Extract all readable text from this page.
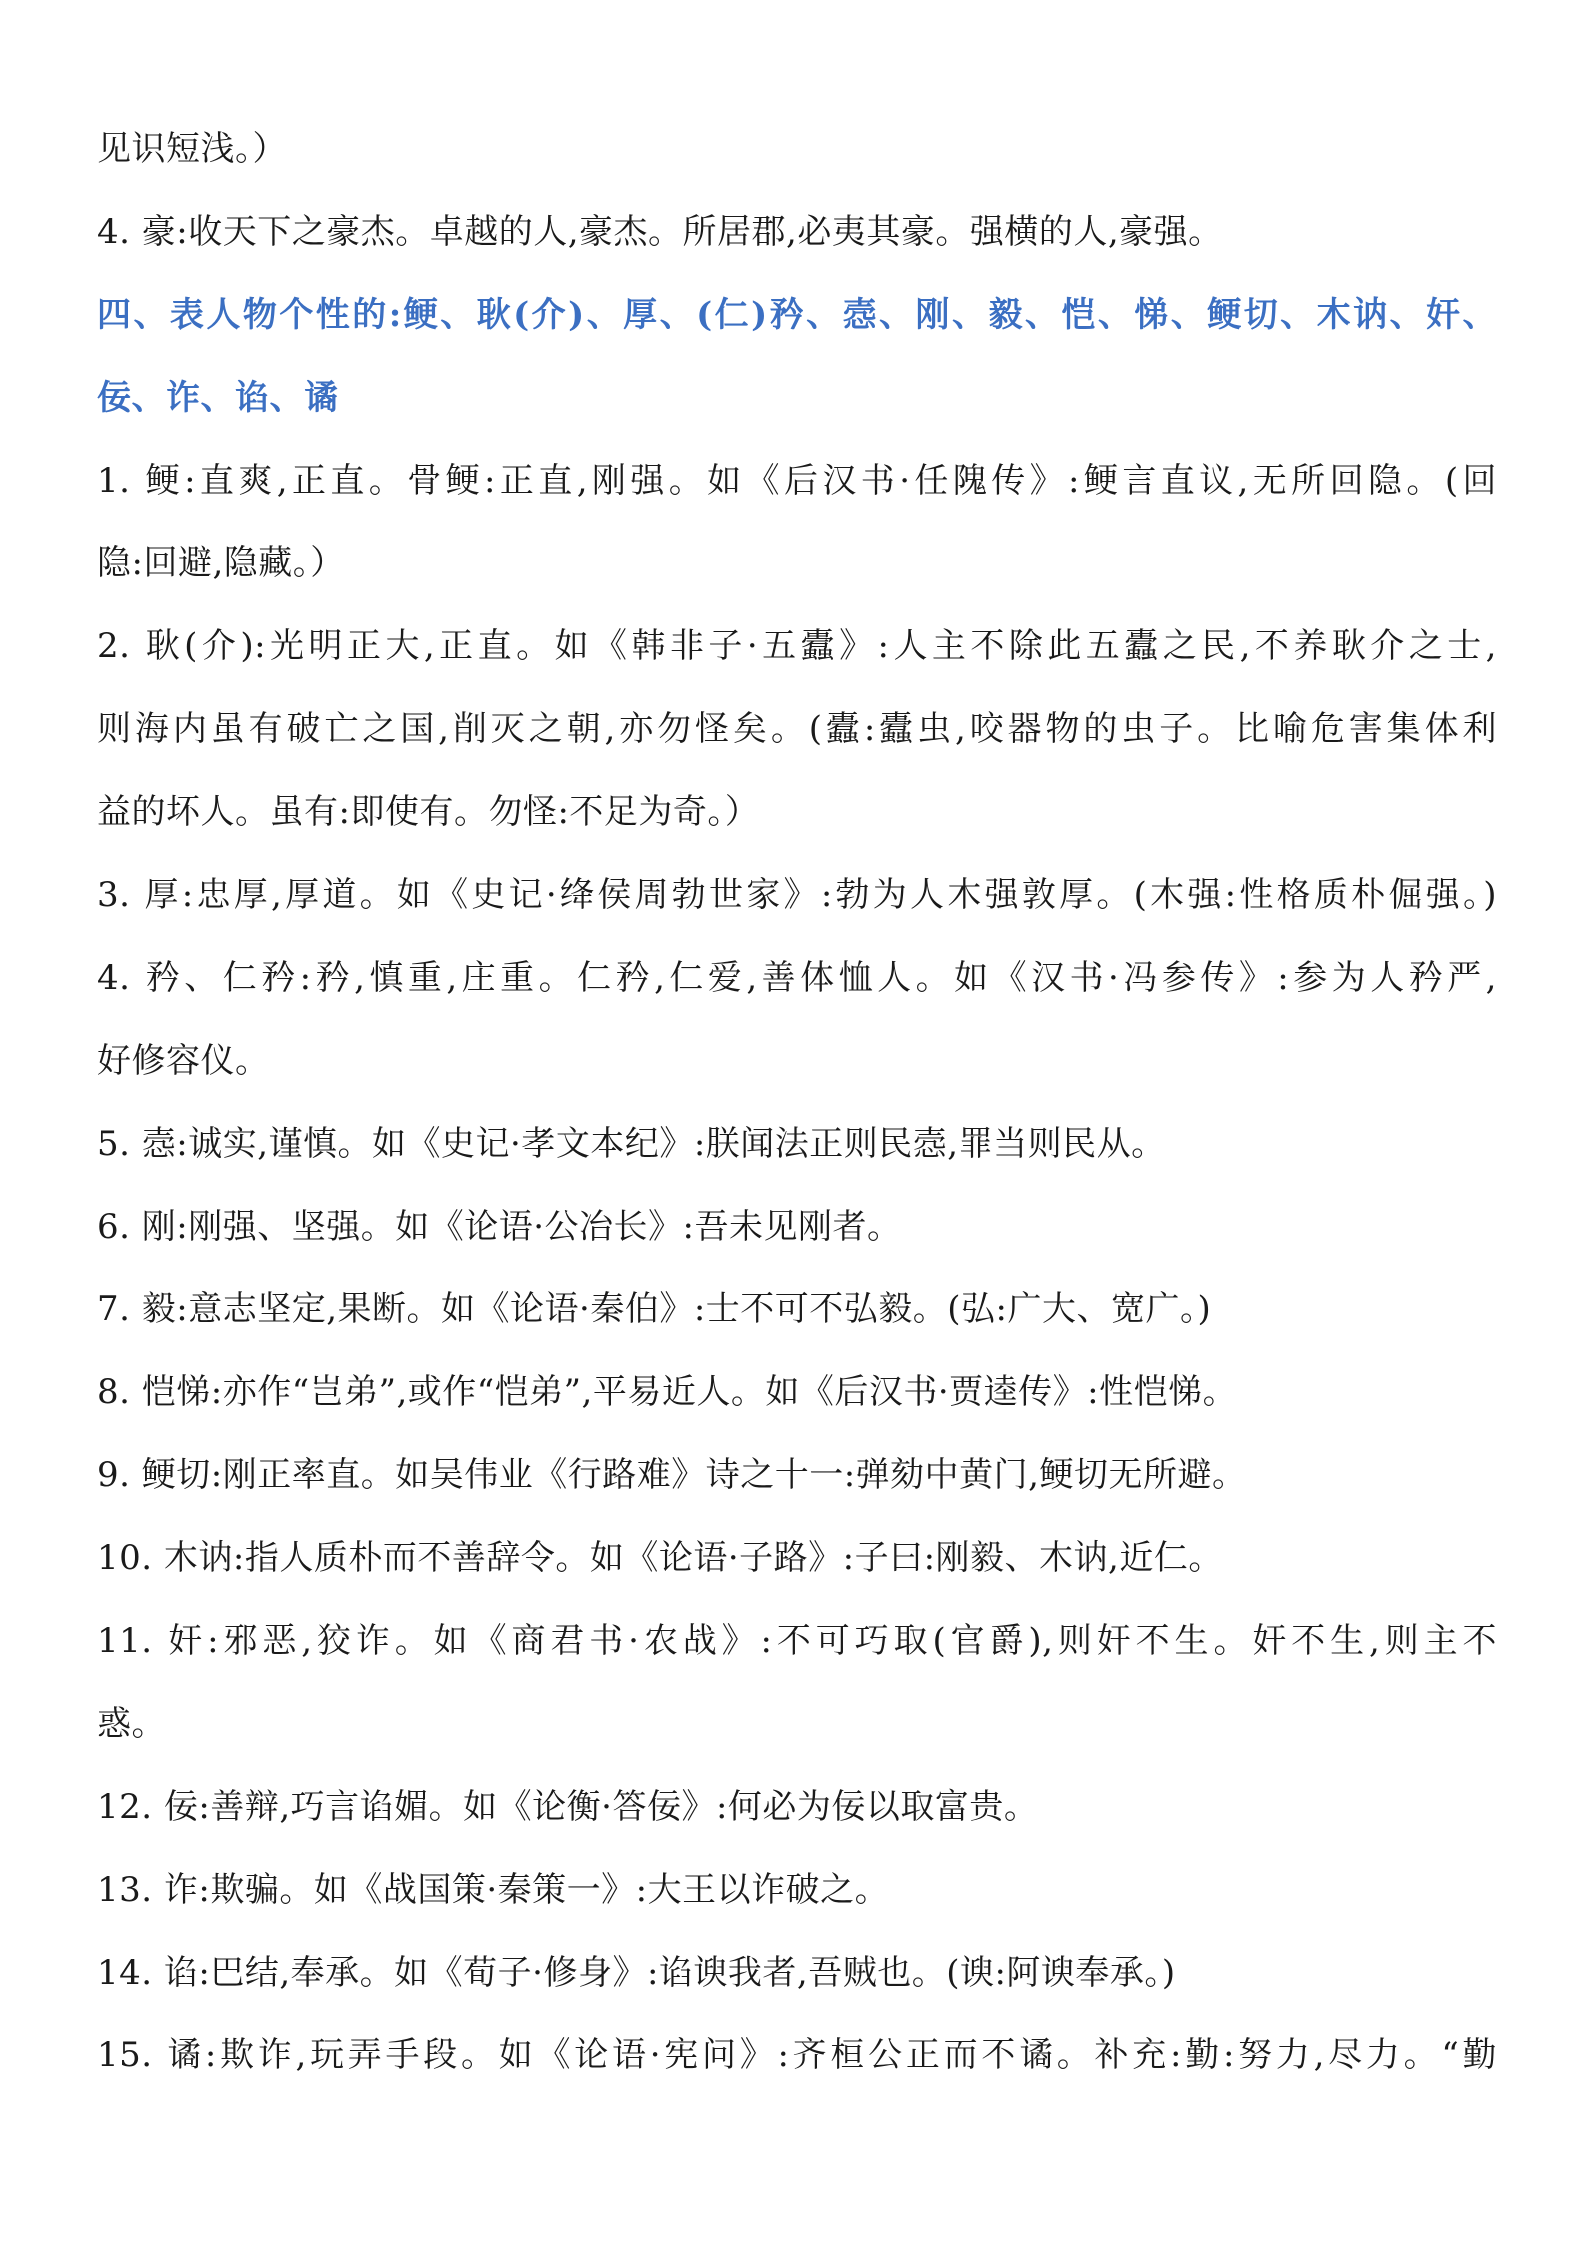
见识短浅。）
4. 豪:收天下之豪杰。卓越的人,豪杰。所居郡,必夷其豪。强横的人,豪强。
四、表人物个性的:鲠、耿(介)、厚、(仁)矜、悫、刚、毅、恺、悌、鲠切、木讷、奸、
佞、诈、谄、谲
1. 鲠:直爽,正直。骨鲠:正直,刚强。如《后汉书·任隗传》:鲠言直议,无所回隐。(回
隐:回避,隐藏。）
2. 耿(介):光明正大,正直。如《韩非子·五蠹》:人主不除此五蠹之民,不养耿介之士,
则海内虽有破亡之国,削灭之朝,亦勿怪矣。(蠹:蠹虫,咬器物的虫子。比喻危害集体利
益的坏人。虽有:即使有。勿怪:不足为奇。）
3. 厚:忠厚,厚道。如《史记·绛侯周勃世家》:勃为人木强敦厚。(木强:性格质朴倔强。)
4. 矜、仁矜:矜,慎重,庄重。仁矜,仁爱,善体恤人。如《汉书·冯参传》:参为人矜严,
好修容仪。
5. 悫:诚实,谨慎。如《史记·孝文本纪》:朕闻法正则民悫,罪当则民从。
6. 刚:刚强、坚强。如《论语·公冶长》:吾未见刚者。
7. 毅:意志坚定,果断。如《论语·秦伯》:士不可不弘毅。(弘:广大、宽广。)
8. 恺悌:亦作“岂弟”,或作“恺弟”,平易近人。如《后汉书·贾逵传》:性恺悌。
9. 鲠切:刚正率直。如吴伟业《行路难》诗之十一:弹劾中黄门,鲠切无所避。
10. 木讷:指人质朴而不善辞令。如《论语·子路》:子曰:刚毅、木讷,近仁。
11. 奸:邪恶,狡诈。如《商君书·农战》:不可巧取(官爵),则奸不生。奸不生,则主不
惑。
12. 佞:善辩,巧言谄媚。如《论衡·答佞》:何必为佞以取富贵。
13. 诈:欺骗。如《战国策·秦策一》:大王以诈破之。
14. 谄:巴结,奉承。如《荀子·修身》:谄谀我者,吾贼也。(谀:阿谀奉承。)
15. 谲:欺诈,玩弄手段。如《论语·宪问》:齐桓公正而不谲。补充:勤:努力,尽力。“勤
